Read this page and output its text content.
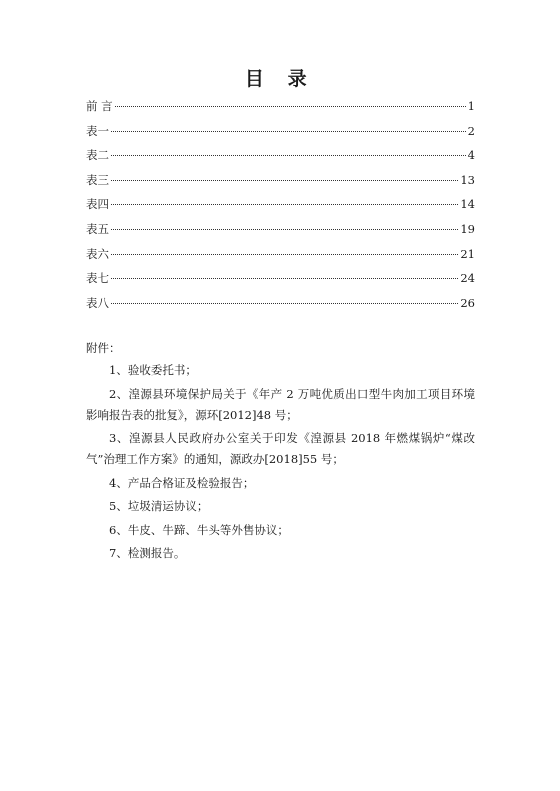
目 录
前 言	1
表一	2
表二	4
表三	13
表四	14
表五	19
表六	21
表七	24
表八	26
附件：
1、验收委托书；
2、湟源县环境保护局关于《年产 2 万吨优质出口型牛肉加工项目环境影响报告表的批复》，源环[2012]48 号；
3、湟源县人民政府办公室关于印发《湟源县 2018 年燃煤锅炉“煤改气”治理工作方案》的通知，源政办[2018]55 号；
4、产品合格证及检验报告；
5、垃圾清运协议；
6、牛皮、牛蹄、牛头等外售协议；
7、检测报告。
